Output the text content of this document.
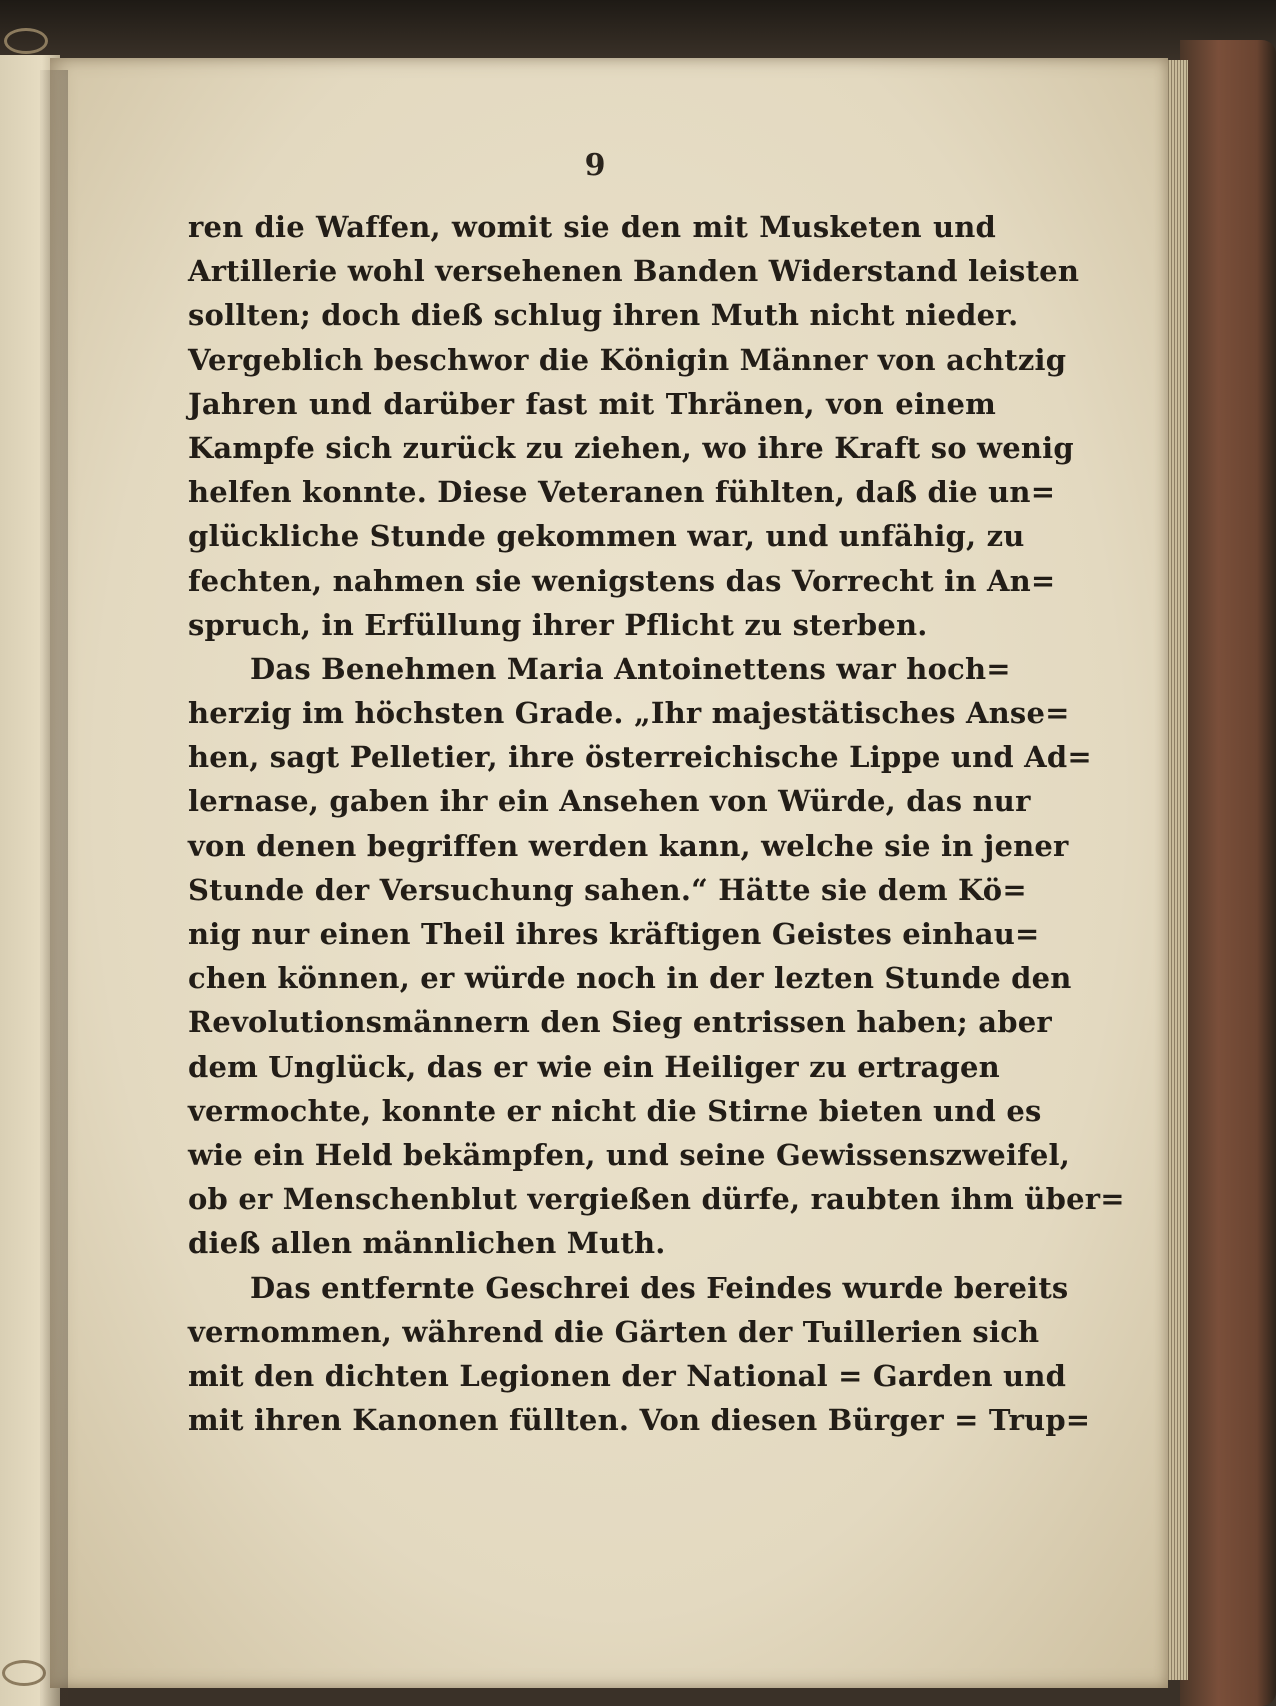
9
ren die Waffen, womit sie den mit Musketen und
Artillerie wohl versehenen Banden Widerstand leisten
sollten; doch dieß schlug ihren Muth nicht nieder.
Vergeblich beschwor die Königin Männer von achtzig
Jahren und darüber fast mit Thränen, von einem
Kampfe sich zurück zu ziehen, wo ihre Kraft so wenig
helfen konnte. Diese Veteranen fühlten, daß die un=
glückliche Stunde gekommen war, und unfähig, zu
fechten, nahmen sie wenigstens das Vorrecht in An=
spruch, in Erfüllung ihrer Pflicht zu sterben.
Das Benehmen Maria Antoinettens war hoch=
herzig im höchsten Grade. „Ihr majestätisches Anse=
hen, sagt Pelletier, ihre österreichische Lippe und Ad=
lernase, gaben ihr ein Ansehen von Würde, das nur
von denen begriffen werden kann, welche sie in jener
Stunde der Versuchung sahen.“ Hätte sie dem Kö=
nig nur einen Theil ihres kräftigen Geistes einhau=
chen können, er würde noch in der lezten Stunde den
Revolutionsmännern den Sieg entrissen haben; aber
dem Unglück, das er wie ein Heiliger zu ertragen
vermochte, konnte er nicht die Stirne bieten und es
wie ein Held bekämpfen, und seine Gewissenszweifel,
ob er Menschenblut vergießen dürfe, raubten ihm über=
dieß allen männlichen Muth.
Das entfernte Geschrei des Feindes wurde bereits
vernommen, während die Gärten der Tuillerien sich
mit den dichten Legionen der National = Garden und
mit ihren Kanonen füllten. Von diesen Bürger = Trup=
